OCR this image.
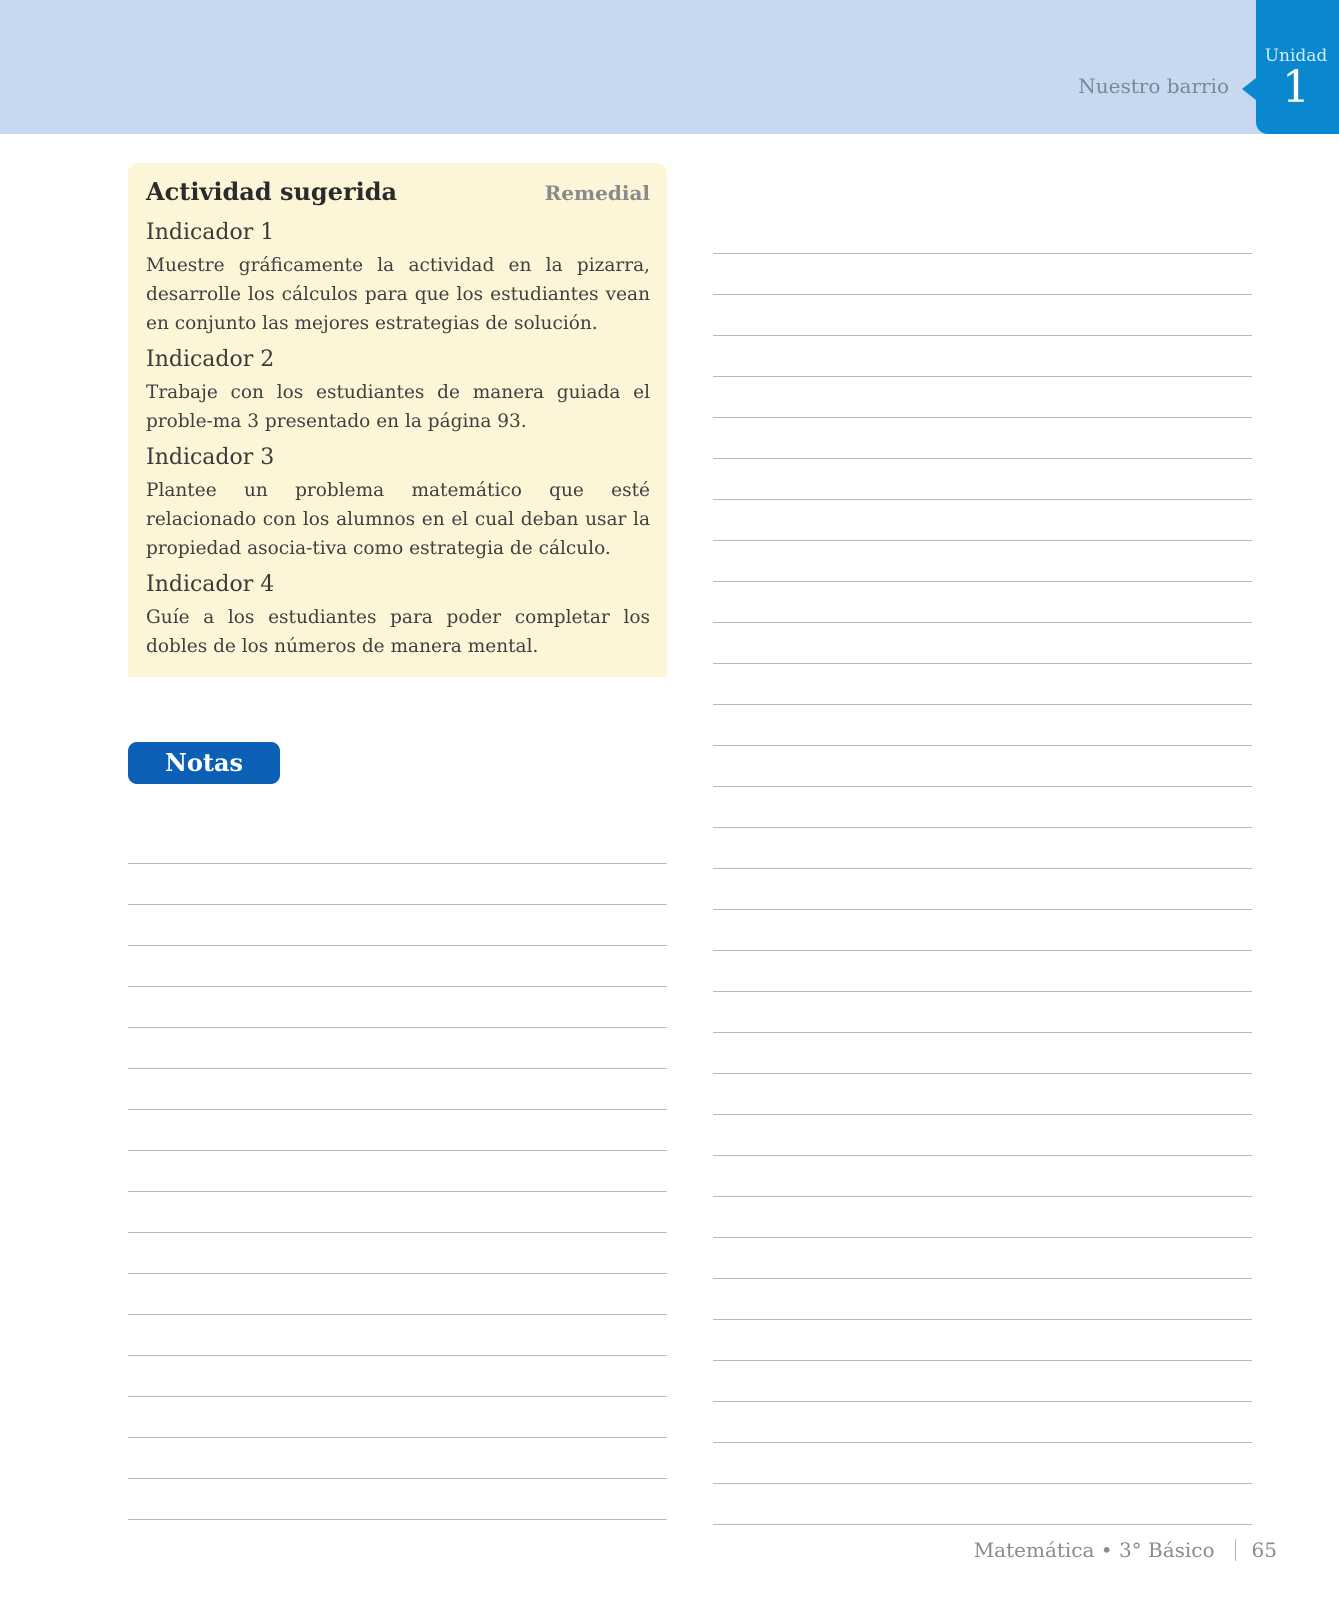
Unidad
1
Nuestro barrio
Actividad sugerida	Remedial
Indicador 1
Muestre gráficamente la actividad en la pizarra, desarrolle los cálculos para que los estudiantes vean en conjunto las mejores estrategias de solución.
Indicador 2
Trabaje con los estudiantes de manera guiada el proble-ma 3 presentado en la página 93.
Indicador 3
Plantee un problema matemático que esté relacionado con los alumnos en el cual deban usar la propiedad asocia-tiva como estrategia de cálculo.
Indicador 4
Guíe a los estudiantes para poder completar los dobles de los números de manera mental.
Notas
Matemática • 3° Básico 65
